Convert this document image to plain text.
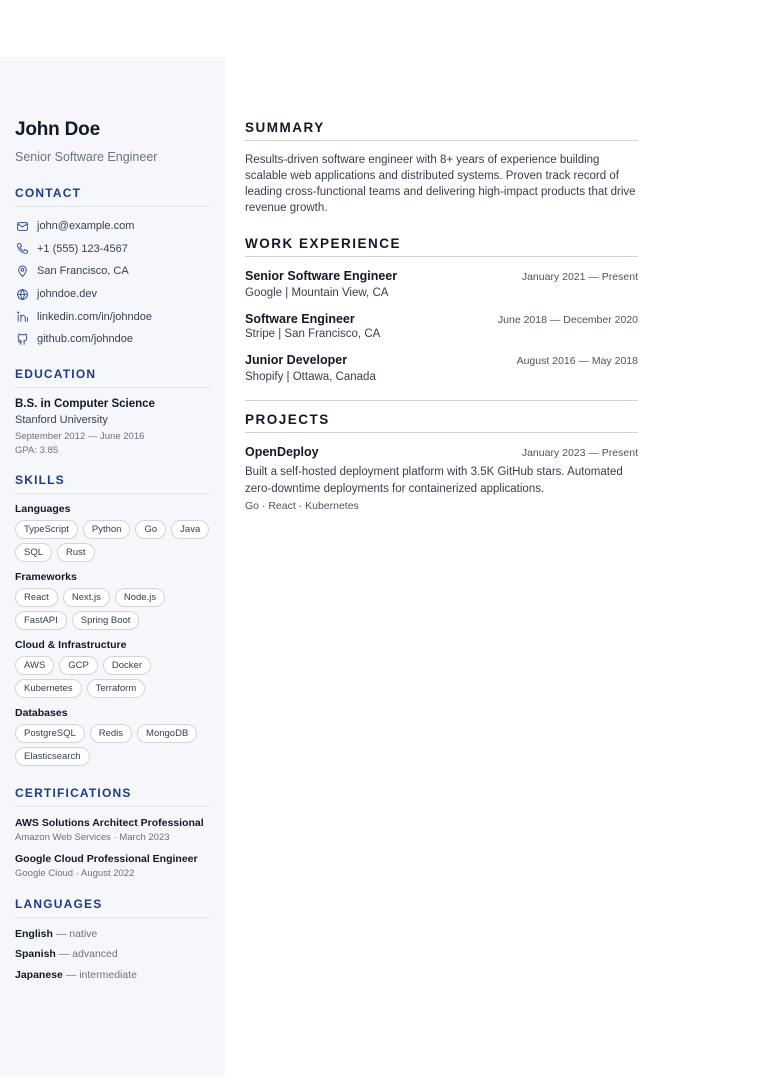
John Doe
Senior Software Engineer
CONTACT
john@example.com
+1 (555) 123-4567
San Francisco, CA
johndoe.dev
linkedin.com/in/johndoe
github.com/johndoe
EDUCATION
B.S. in Computer Science
Stanford University
September 2012 — June 2016
GPA: 3.85
SKILLS
Languages
TypeScript	Python	Go	Java
SQL	Rust
Frameworks
React	Next.js	Node.js
FastAPI	Spring Boot
Cloud & Infrastructure
AWS	GCP	Docker
Kubernetes	Terraform
Databases
PostgreSQL	Redis	MongoDB
Elasticsearch
CERTIFICATIONS
AWS Solutions Architect Professional
Amazon Web Services · March 2023
Google Cloud Professional Engineer
Google Cloud · August 2022
LANGUAGES
English — native
Spanish — advanced
Japanese — intermediate
SUMMARY
Results-driven software engineer with 8+ years of experience building scalable web applications and distributed systems. Proven track record of leading cross-functional teams and delivering high-impact products that drive revenue growth.
WORK EXPERIENCE
Senior Software Engineer	January 2021 — Present
Google | Mountain View, CA
Software Engineer	June 2018 — December 2020
Stripe | San Francisco, CA
Junior Developer	August 2016 — May 2018
Shopify | Ottawa, Canada
PROJECTS
OpenDeploy	January 2023 — Present
Built a self-hosted deployment platform with 3.5K GitHub stars. Automated zero-downtime deployments for containerized applications.
Go · React · Kubernetes
